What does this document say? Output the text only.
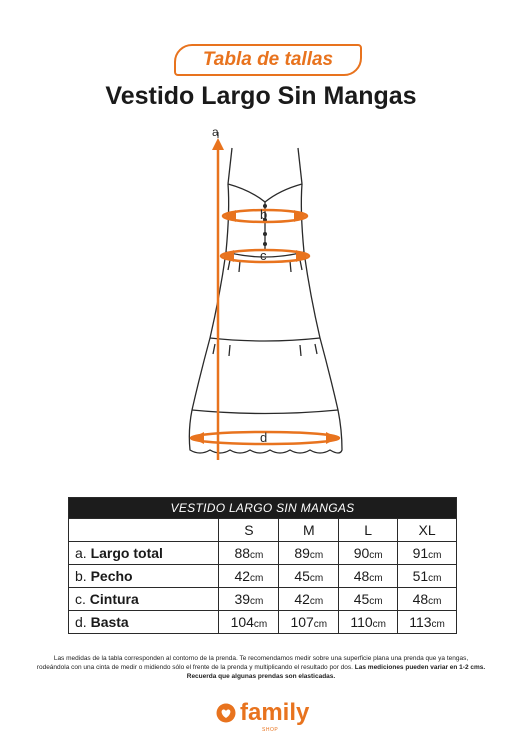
Tabla de tallas
Vestido Largo Sin Mangas
a
b
c
d
VESTIDO LARGO SIN MANGAS				
	S	M	L	XL
a. Largo total	88cm	89cm	90cm	91cm
b. Pecho	42cm	45cm	48cm	51cm
c. Cintura	39cm	42cm	45cm	48cm
d. Basta	104cm	107cm	110cm	113cm
Las medidas de la tabla corresponden al contorno de la prenda. Te recomendamos medir sobre una superficie plana una prenda que ya tengas,
rodeándola con una cinta de medir o midiendo sólo el frente de la prenda y multiplicando el resultado por dos. Las mediciones pueden variar en 1-2 cms.
Recuerda que algunas prendas son elasticadas.
family
SHOP
